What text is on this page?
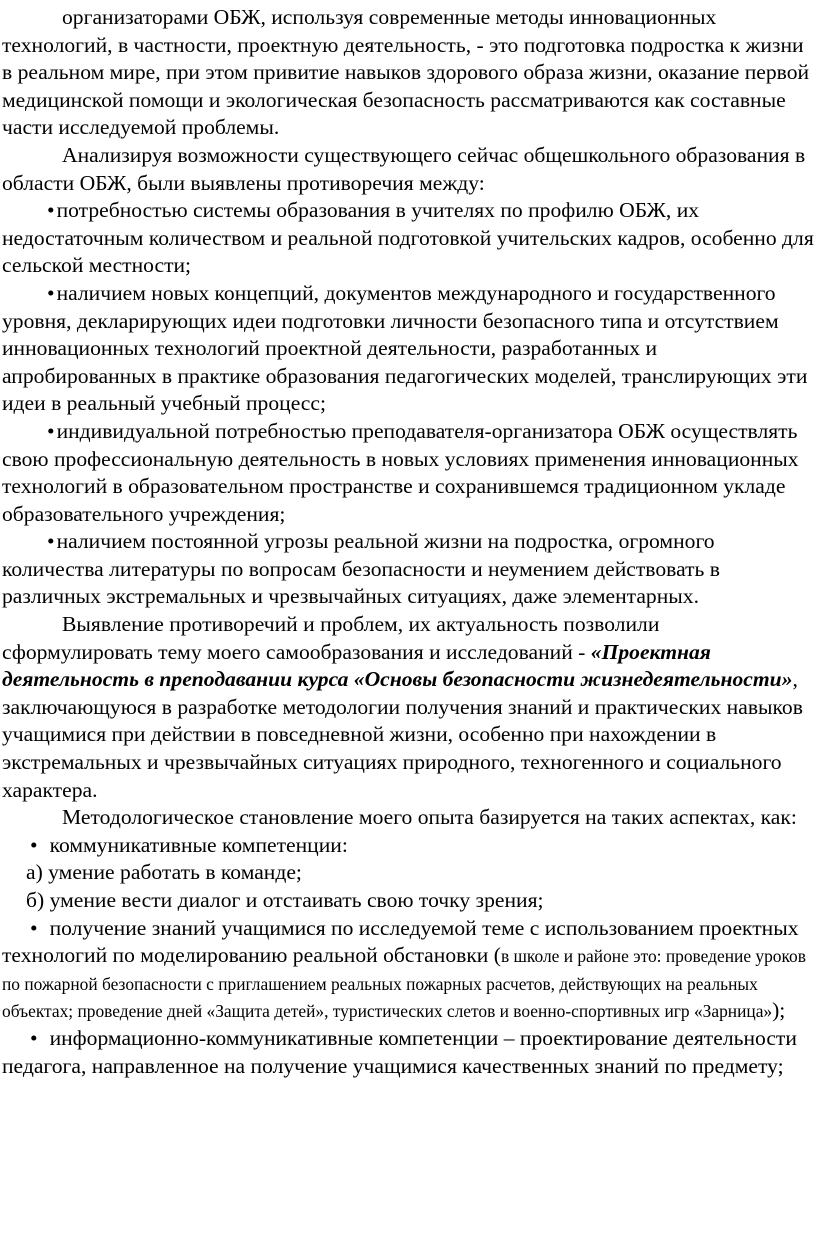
организаторами ОБЖ, используя современные методы инновационных технологий, в частности, проектную деятельность, - это подготовка подростка к жизни в реальном мире, при этом привитие навыков здорового образа жизни, оказание первой медицинской помощи и экологическая безопасность рассматриваются как составные части исследуемой проблемы.

Анализируя возможности существующего сейчас общешкольного образования в области ОБЖ, были выявлены противоречия между:

•потребностью системы образования в учителях по профилю ОБЖ, их недостаточным количеством и реальной подготовкой учительских кадров, особенно для сельской местности;

•наличием новых концепций, документов международного и государственного уровня, декларирующих идеи подготовки личности безопасного типа и отсутствием инновационных технологий проектной деятельности, разработанных и апробированных в практике образования педагогических моделей, транслирующих эти идеи в реальный учебный процесс;

•индивидуальной потребностью преподавателя-организатора ОБЖ осуществлять свою профессиональную деятельность в новых условиях применения инновационных технологий в образовательном пространстве и сохранившемся традиционном укладе образовательного учреждения;

•наличием постоянной угрозы реальной жизни на подростка, огромного количества литературы по вопросам безопасности и неумением действовать в различных экстремальных и чрезвычайных ситуациях, даже элементарных.

Выявление противоречий и проблем, их актуальность позволили сформулировать тему моего самообразования и исследований - «Проектная деятельность в преподавании курса «Основы безопасности жизнедеятельности», заключающуюся в разработке методологии получения знаний и практических навыков учащимися при действии в повседневной жизни, особенно при нахождении в экстремальных и чрезвычайных ситуациях природного, техногенного и социального характера.

Методологическое становление моего опыта базируется на таких аспектах, как:

• коммуникативные компетенции:

а) умение работать в команде;

б) умение вести диалог и отстаивать свою точку зрения;

• получение знаний учащимися по исследуемой теме с использованием проектных технологий по моделированию реальной обстановки (в школе и районе это: проведение уроков по пожарной безопасности с приглашением реальных пожарных расчетов, действующих на реальных объектах; проведение дней «Защита детей», туристических слетов и военно-спортивных игр «Зарница»);

• информационно-коммуникативные компетенции – проектирование деятельности педагога, направленное на получение учащимися качественных знаний по предмету;
